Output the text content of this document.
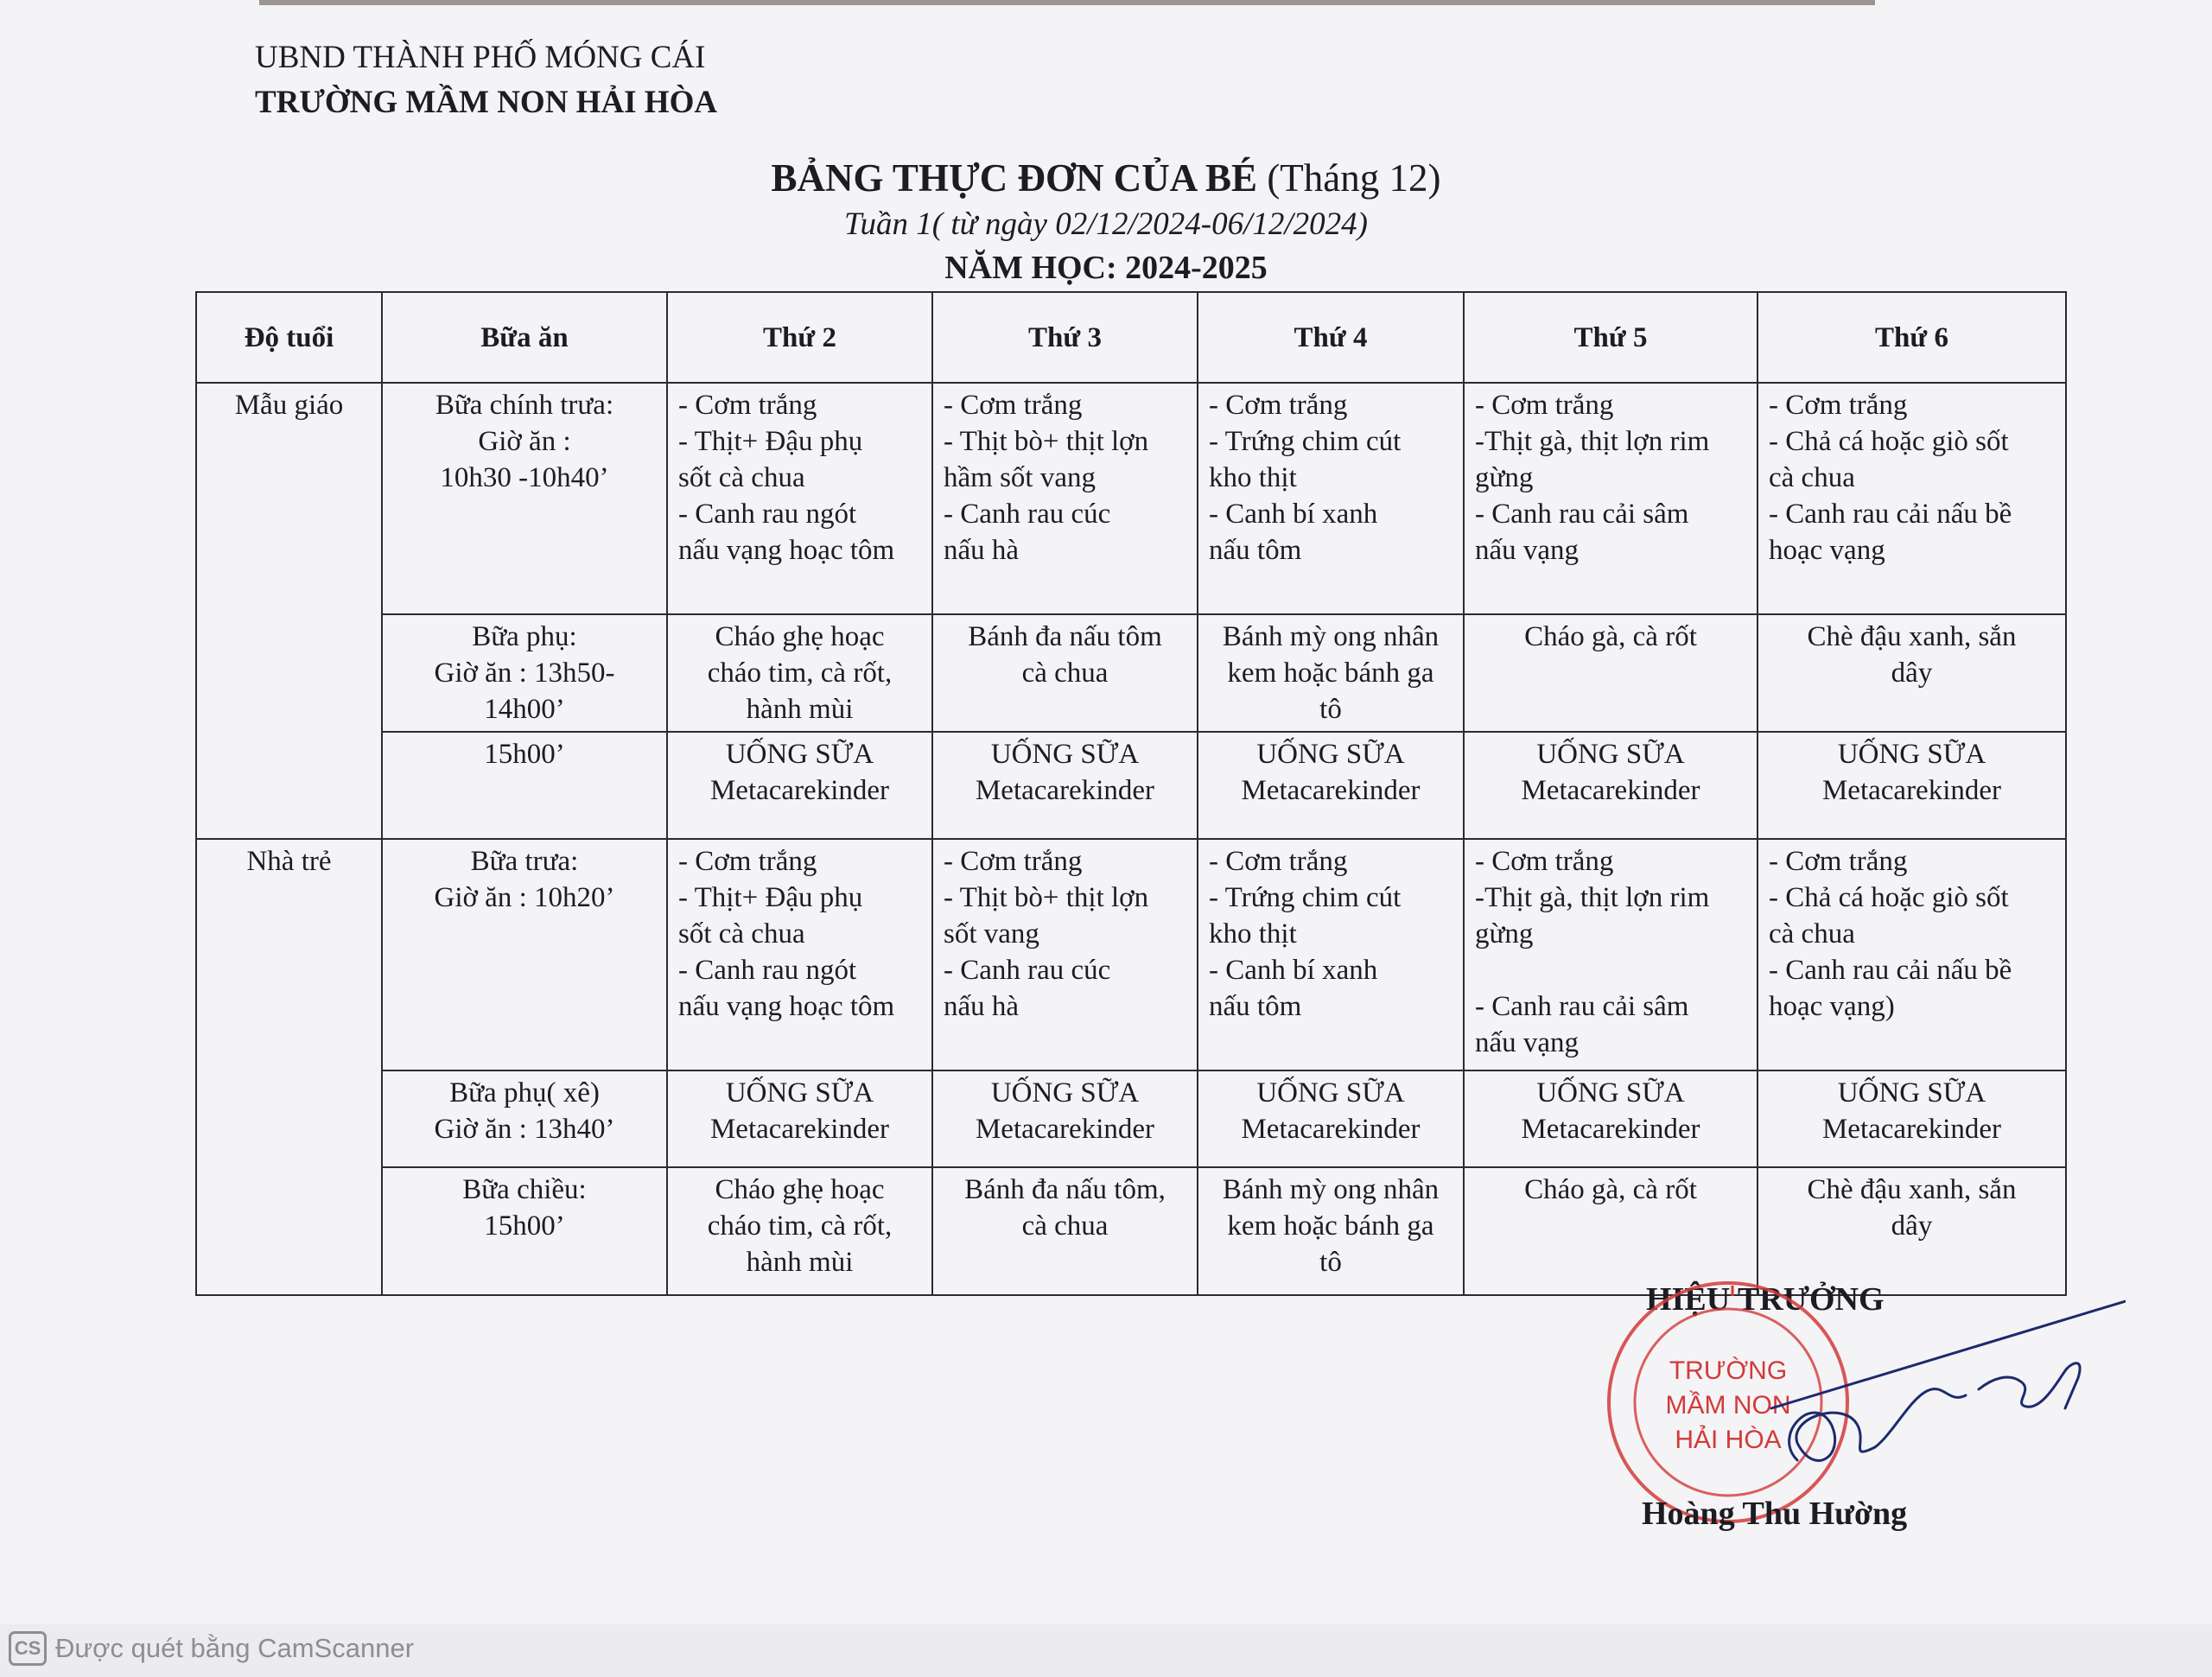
UBND THÀNH PHỐ MÓNG CÁI
TRƯỜNG MẦM NON HẢI HÒA
BẢNG THỰC ĐƠN CỦA BÉ (Tháng 12)
Tuần 1( từ ngày 02/12/2024-06/12/2024)
NĂM HỌC: 2024-2025
Độ tuổi	Bữa ăn	Thứ 2	Thứ 3	Thứ 4	Thứ 5	Thứ 6
Mẫu giáo	Bữa chính trưa:
Giờ ăn :
10h30 -10h40’	- Cơm trắng
- Thịt+ Đậu phụ
sốt cà chua
- Canh rau ngót
nấu vạng hoạc tôm	- Cơm trắng
- Thịt bò+ thịt lợn
hầm sốt vang
- Canh rau cúc
nấu hà	- Cơm trắng
- Trứng chim cút
kho thịt
- Canh bí xanh
nấu tôm	- Cơm trắng
-Thịt gà, thịt lợn rim
gừng
- Canh rau cải sâm
nấu vạng	- Cơm trắng
- Chả cá hoặc giò sốt
cà chua
- Canh rau cải nấu bề
hoạc vạng

	Bữa phụ:
Giờ ăn : 13h50-
14h00’	Cháo ghẹ hoạc
cháo tim, cà rốt,
hành mùi	Bánh đa nấu tôm
cà chua	Bánh mỳ ong nhân
kem hoặc bánh ga
tô	Cháo gà, cà rốt	Chè đậu xanh, sắn
dây

	15h00’	UỐNG SỮA
Metacarekinder	UỐNG SỮA
Metacarekinder	UỐNG SỮA
Metacarekinder	UỐNG SỮA
Metacarekinder	UỐNG SỮA
Metacarekinder

Nhà trẻ	Bữa trưa:
Giờ ăn : 10h20’	- Cơm trắng
- Thịt+ Đậu phụ
sốt cà chua
- Canh rau ngót
nấu vạng hoạc tôm	- Cơm trắng
- Thịt bò+ thịt lợn
sốt vang
- Canh rau cúc
nấu hà	- Cơm trắng
- Trứng chim cút
kho thịt
- Canh bí xanh
nấu tôm	- Cơm trắng
-Thịt gà, thịt lợn rim
gừng

- Canh rau cải sâm
nấu vạng	- Cơm trắng
- Chả cá hoặc giò sốt
cà chua
- Canh rau cải nấu bề
hoạc vạng)

	Bữa phụ( xê)
Giờ ăn : 13h40’	UỐNG SỮA
Metacarekinder	UỐNG SỮA
Metacarekinder	UỐNG SỮA
Metacarekinder	UỐNG SỮA
Metacarekinder	UỐNG SỮA
Metacarekinder

	Bữa chiều:
15h00’	Cháo ghẹ hoạc
cháo tim, cà rốt,
hành mùi	Bánh đa nấu tôm,
cà chua	Bánh mỳ ong nhân
kem hoặc bánh ga
tô	Cháo gà, cà rốt	Chè đậu xanh, sắn
dây
HIỆU TRƯỞNG
TRƯỜNG
MẦM NON
HẢI HÒA
Hoàng Thu Hường
CS Được quét bằng CamScanner
